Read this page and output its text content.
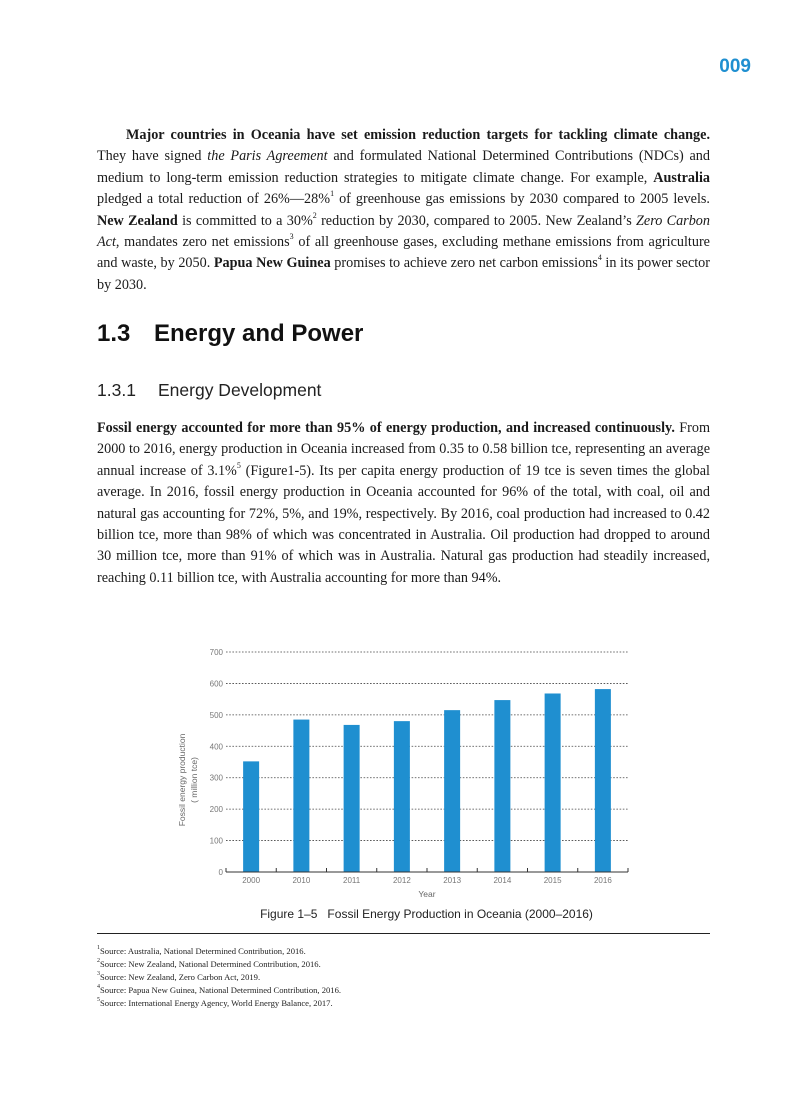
009
Major countries in Oceania have set emission reduction targets for tackling climate change. They have signed the Paris Agreement and formulated National Determined Contributions (NDCs) and medium to long-term emission reduction strategies to mitigate climate change. For example, Australia pledged a total reduction of 26%—28%$^1$ of greenhouse gas emissions by 2030 compared to 2005 levels. New Zealand is committed to a 30%$^2$ reduction by 2030, compared to 2005. New Zealand’s Zero Carbon Act, mandates zero net emissions$^3$ of all greenhouse gases, excluding methane emissions from agriculture and waste, by 2050. Papua New Guinea promises to achieve zero net carbon emissions$^4$ in its power sector by 2030.
1.3 Energy and Power
1.3.1 Energy Development
Fossil energy accounted for more than 95% of energy production, and increased continuously. From 2000 to 2016, energy production in Oceania increased from 0.35 to 0.58 billion tce, representing an average annual increase of 3.1%$^5$ (Figure1-5). Its per capita energy production of 19 tce is seven times the global average. In 2016, fossil energy production in Oceania accounted for 96% of the total, with coal, oil and natural gas accounting for 72%, 5%, and 19%, respectively. By 2016, coal production had increased to 0.42 billion tce, more than 98% of which was concentrated in Australia. Oil production had dropped to around 30 million tce, more than 91% of which was in Australia. Natural gas production had steadily increased, reaching 0.11 billion tce, with Australia accounting for more than 94%.
0
100
200
300
400
500
600
700
2000	2010	2011	2012	2013	2014	2015	2016
Year
Fossil energy production ( million tce)
Figure 1–5   Fossil Energy Production in Oceania (2000–2016)
$^1$Source: Australia, National Determined Contribution, 2016.
$^2$Source: New Zealand, National Determined Contribution, 2016.
$^3$Source: New Zealand, Zero Carbon Act, 2019.
$^4$Source: Papua New Guinea, National Determined Contribution, 2016.
$^5$Source: International Energy Agency, World Energy Balance, 2017.
